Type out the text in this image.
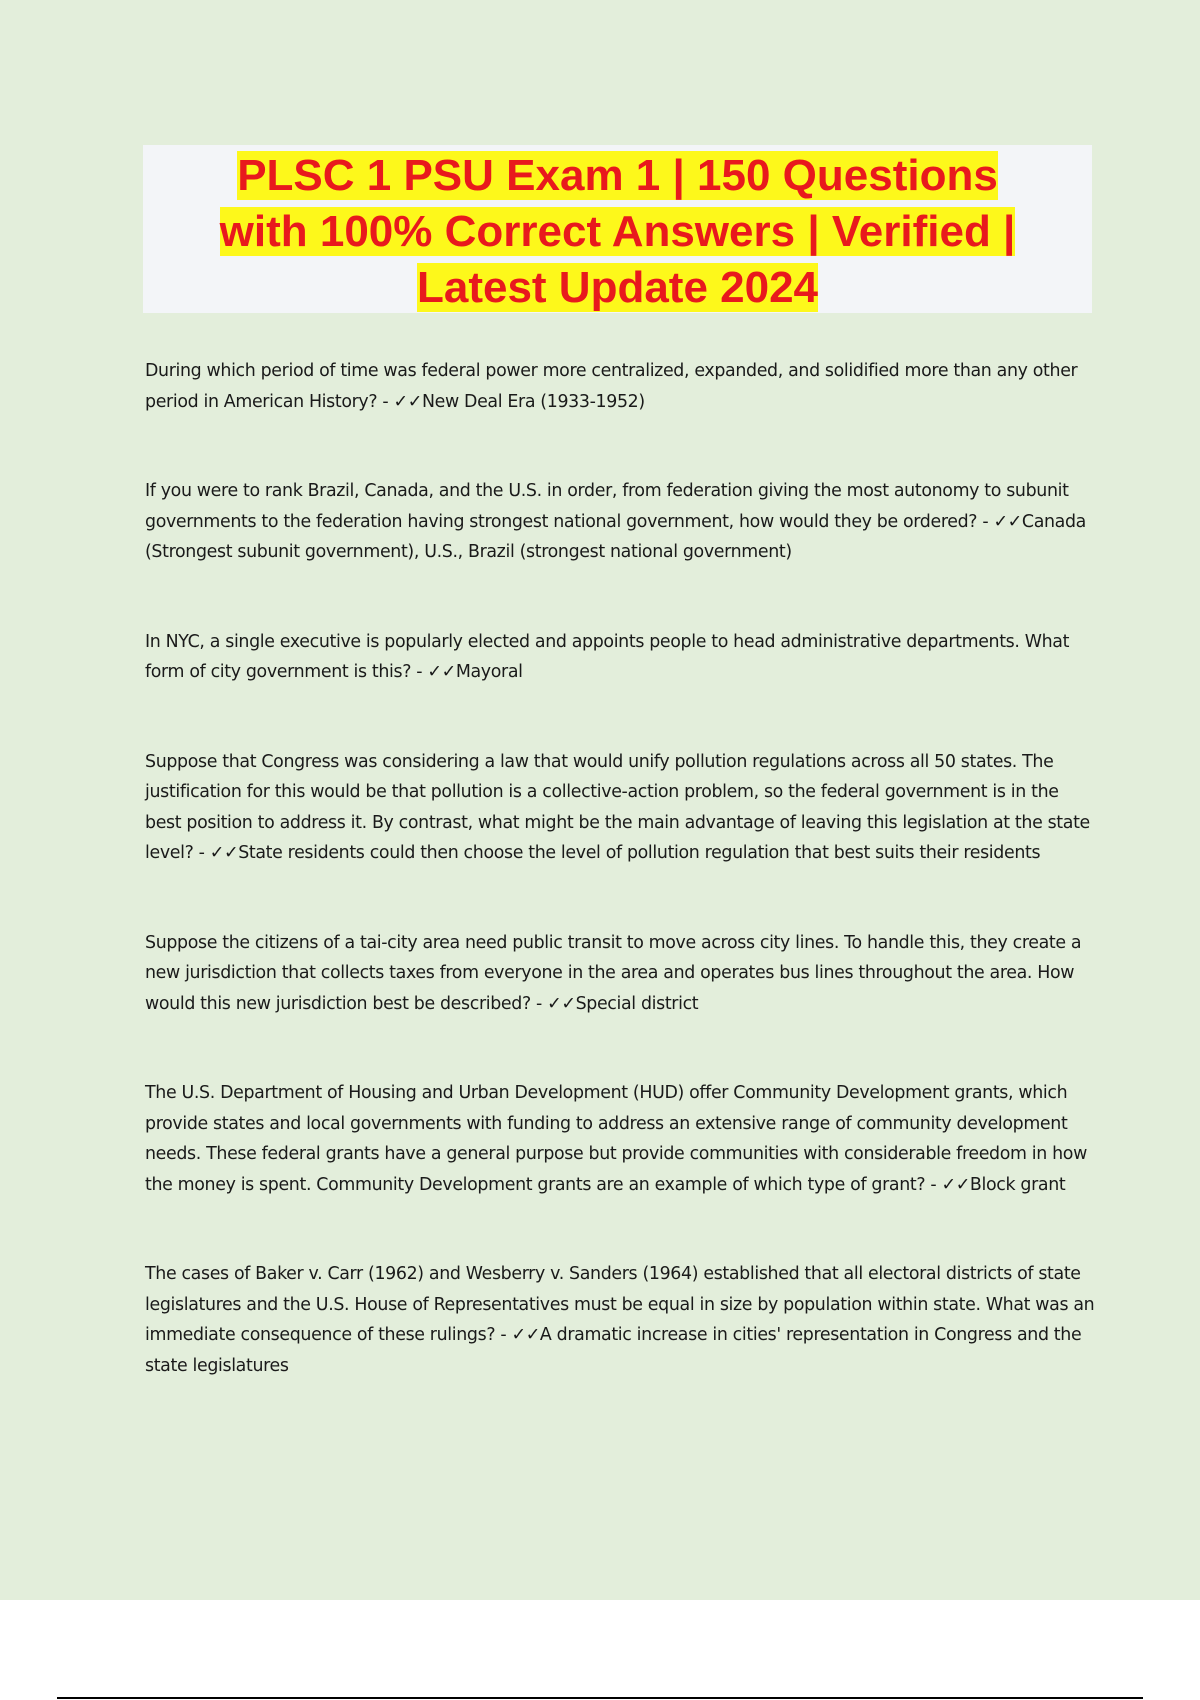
PLSC 1 PSU Exam 1 | 150 Questions
with 100% Correct Answers | Verified |
Latest Update 2024

During which period of time was federal power more centralized, expanded, and solidified more than any other period in American History? - ✓✓New Deal Era (1933-1952)

If you were to rank Brazil, Canada, and the U.S. in order, from federation giving the most autonomy to subunit governments to the federation having strongest national government, how would they be ordered? - ✓✓Canada (Strongest subunit government), U.S., Brazil (strongest national government)

In NYC, a single executive is popularly elected and appoints people to head administrative departments. What form of city government is this? - ✓✓Mayoral

Suppose that Congress was considering a law that would unify pollution regulations across all 50 states. The justification for this would be that pollution is a collective-action problem, so the federal government is in the best position to address it. By contrast, what might be the main advantage of leaving this legislation at the state level? - ✓✓State residents could then choose the level of pollution regulation that best suits their residents

Suppose the citizens of a tai-city area need public transit to move across city lines. To handle this, they create a new jurisdiction that collects taxes from everyone in the area and operates bus lines throughout the area. How would this new jurisdiction best be described? - ✓✓Special district

The U.S. Department of Housing and Urban Development (HUD) offer Community Development grants, which provide states and local governments with funding to address an extensive range of community development needs. These federal grants have a general purpose but provide communities with considerable freedom in how the money is spent. Community Development grants are an example of which type of grant? - ✓✓Block grant

The cases of Baker v. Carr (1962) and Wesberry v. Sanders (1964) established that all electoral districts of state legislatures and the U.S. House of Representatives must be equal in size by population within state. What was an immediate consequence of these rulings? - ✓✓A dramatic increase in cities' representation in Congress and the state legislatures
